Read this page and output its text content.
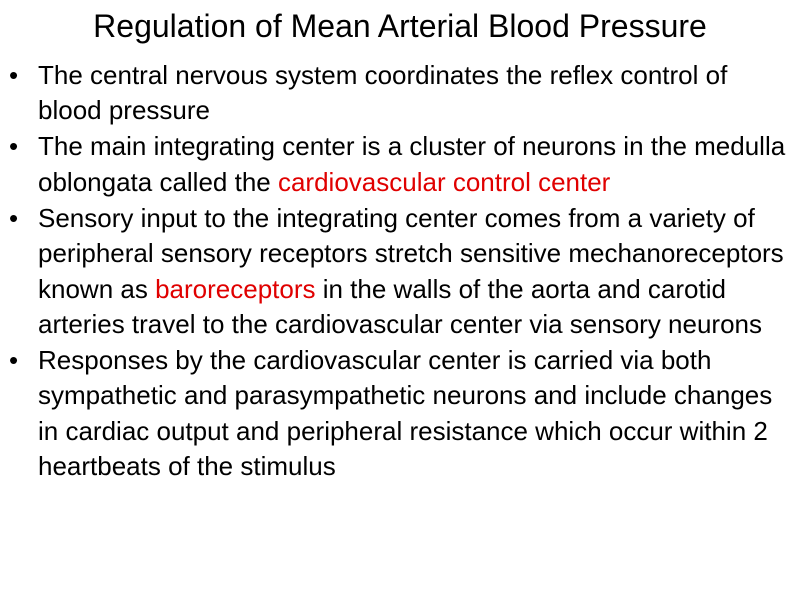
Regulation of Mean Arterial Blood Pressure
• The central nervous system coordinates the reflex control of blood pressure
• The main integrating center is a cluster of neurons in the medulla oblongata called the cardiovascular control center
• Sensory input to the integrating center comes from a variety of peripheral sensory receptors stretch sensitive mechanoreceptors known as baroreceptors in the walls of the aorta and carotid arteries travel to the cardiovascular center via sensory neurons
• Responses by the cardiovascular center is carried via both sympathetic and parasympathetic neurons and include changes in cardiac output and peripheral resistance which occur within 2 heartbeats of the stimulus
